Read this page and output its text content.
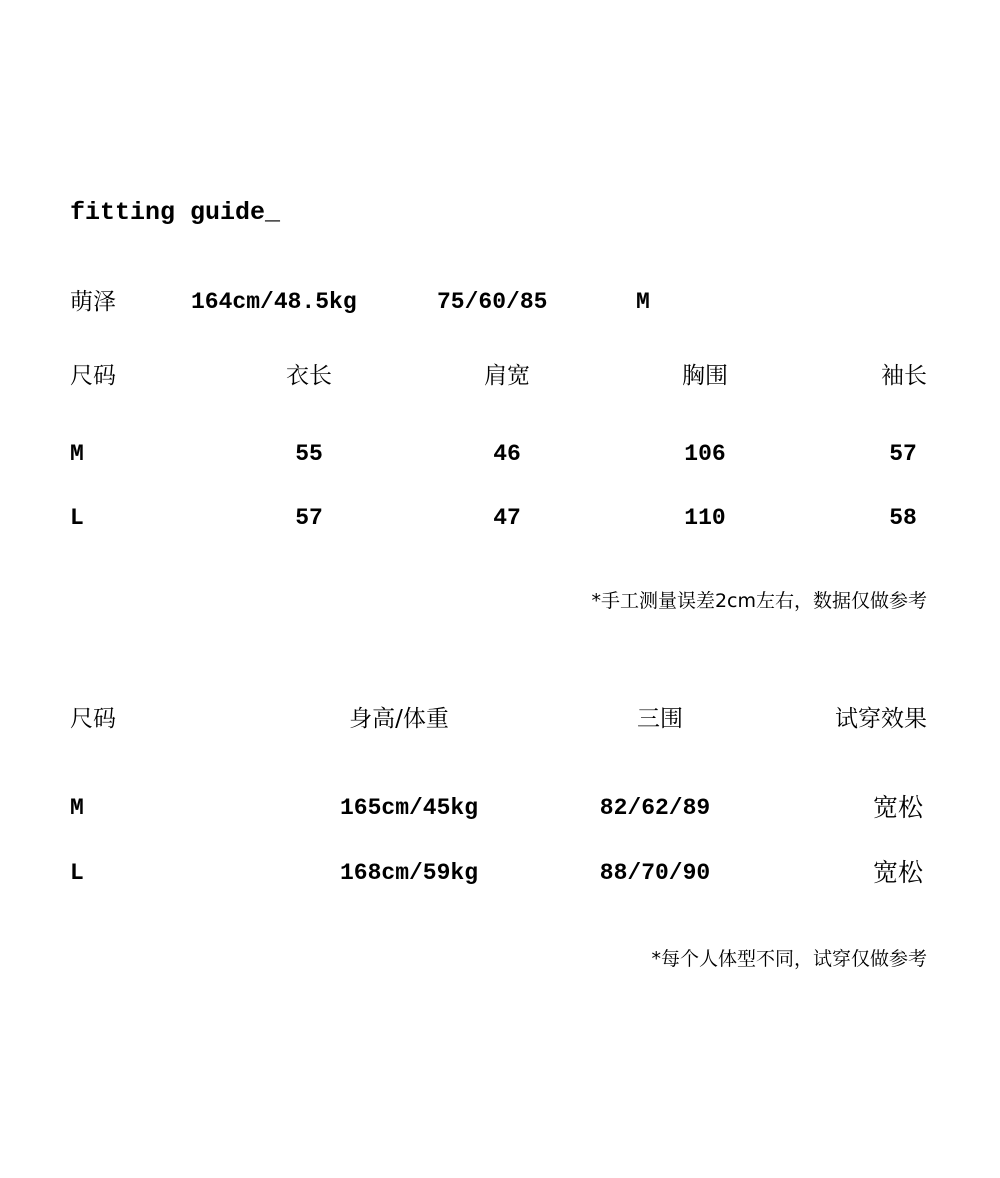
fitting guide_
萌泽	164cm/48.5kg	75/60/85	M
尺码	衣长	肩宽	胸围	袖长
M	55	46	106	57
L	57	47	110	58
*手工测量误差2cm左右，数据仅做参考
尺码	身高/体重	三围	试穿效果
M	165cm/45kg	82/62/89	宽松
L	168cm/59kg	88/70/90	宽松
*每个人体型不同，试穿仅做参考
